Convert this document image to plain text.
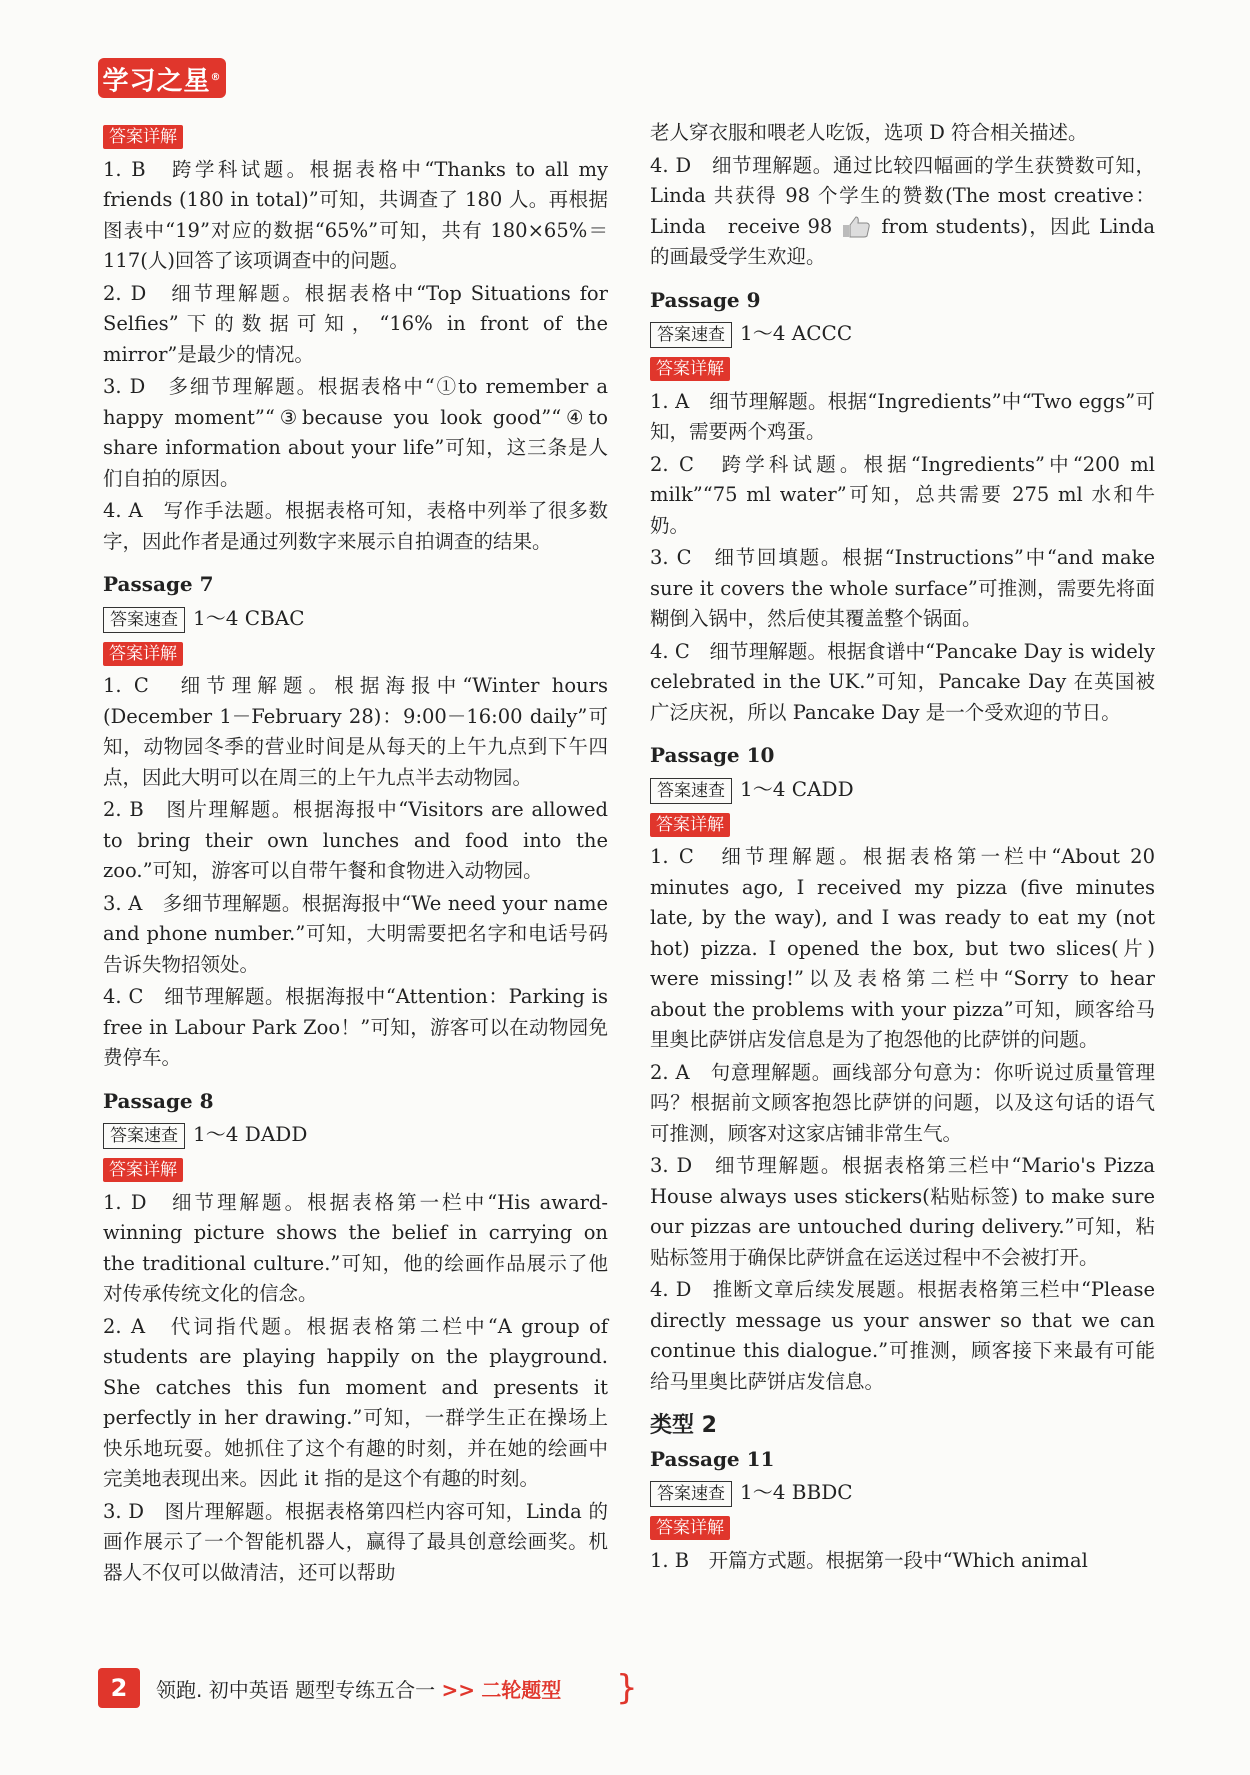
学习之星®
答案详解

1. B　跨学科试题。根据表格中“Thanks to all my friends (180 in total)”可知，共调查了 180 人。再根据图表中“19”对应的数据“65%”可知，共有 180×65%＝117(人)回答了该项调查中的问题。

2. D　细节理解题。根据表格中“Top Situations for Selfies”下的数据可知，“16% in front of the mirror”是最少的情况。

3. D　多细节理解题。根据表格中“①to remember a happy moment”“③because you look good”“④to share information about your life”可知，这三条是人们自拍的原因。

4. A　写作手法题。根据表格可知，表格中列举了很多数字，因此作者是通过列数字来展示自拍调查的结果。

Passage 7
答案速查 1～4 CBAC
答案详解

1. C　细节理解题。根据海报中“Winter hours (December 1－February 28)：9:00－16:00 daily”可知，动物园冬季的营业时间是从每天的上午九点到下午四点，因此大明可以在周三的上午九点半去动物园。

2. B　图片理解题。根据海报中“Visitors are allowed to bring their own lunches and food into the zoo.”可知，游客可以自带午餐和食物进入动物园。

3. A　多细节理解题。根据海报中“We need your name and phone number.”可知，大明需要把名字和电话号码告诉失物招领处。

4. C　细节理解题。根据海报中“Attention：Parking is free in Labour Park Zoo！”可知，游客可以在动物园免费停车。

Passage 8
答案速查 1～4 DADD
答案详解

1. D　细节理解题。根据表格第一栏中“His award-winning picture shows the belief in carrying on the traditional culture.”可知，他的绘画作品展示了他对传承传统文化的信念。

2. A　代词指代题。根据表格第二栏中“A group of students are playing happily on the playground. She catches this fun moment and presents it perfectly in her drawing.”可知，一群学生正在操场上快乐地玩耍。她抓住了这个有趣的时刻，并在她的绘画中完美地表现出来。因此 it 指的是这个有趣的时刻。

3. D　图片理解题。根据表格第四栏内容可知，Linda 的画作展示了一个智能机器人，赢得了最具创意绘画奖。机器人不仅可以做清洁，还可以帮助

老人穿衣服和喂老人吃饭，选项 D 符合相关描述。

4. D　细节理解题。通过比较四幅画的学生获赞数可知，Linda 共获得 98 个学生的赞数(The most creative：Linda　receive 98	from students)，因此 Linda 的画最受学生欢迎。

Passage 9
答案速查 1～4 ACCC
答案详解

1. A　细节理解题。根据“Ingredients”中“Two eggs”可知，需要两个鸡蛋。

2. C　跨学科试题。根据“Ingredients”中“200 ml milk”“75 ml water”可知，总共需要 275 ml 水和牛奶。

3. C　细节回填题。根据“Instructions”中“and make sure it covers the whole surface”可推测，需要先将面糊倒入锅中，然后使其覆盖整个锅面。

4. C　细节理解题。根据食谱中“Pancake Day is widely celebrated in the UK.”可知，Pancake Day 在英国被广泛庆祝，所以 Pancake Day 是一个受欢迎的节日。

Passage 10
答案速查 1～4 CADD
答案详解

1. C　细节理解题。根据表格第一栏中“About 20 minutes ago, I received my pizza (five minutes late, by the way), and I was ready to eat my (not hot) pizza. I opened the box, but two slices(片) were missing!”以及表格第二栏中“Sorry to hear about the problems with your pizza”可知，顾客给马里奥比萨饼店发信息是为了抱怨他的比萨饼的问题。

2. A　句意理解题。画线部分句意为：你听说过质量管理吗？根据前文顾客抱怨比萨饼的问题，以及这句话的语气可推测，顾客对这家店铺非常生气。

3. D　细节理解题。根据表格第三栏中“Mario's Pizza House always uses stickers(粘贴标签) to make sure our pizzas are untouched during delivery.”可知，粘贴标签用于确保比萨饼盒在运送过程中不会被打开。

4. D　推断文章后续发展题。根据表格第三栏中“Please directly message us your answer so that we can continue this dialogue.”可推测，顾客接下来最有可能给马里奥比萨饼店发信息。

类型 2
Passage 11
答案速查 1～4 BBDC
答案详解

1. B　开篇方式题。根据第一段中“Which animal

2	领跑. 初中英语 题型专练五合一 >> 二轮题型 }
